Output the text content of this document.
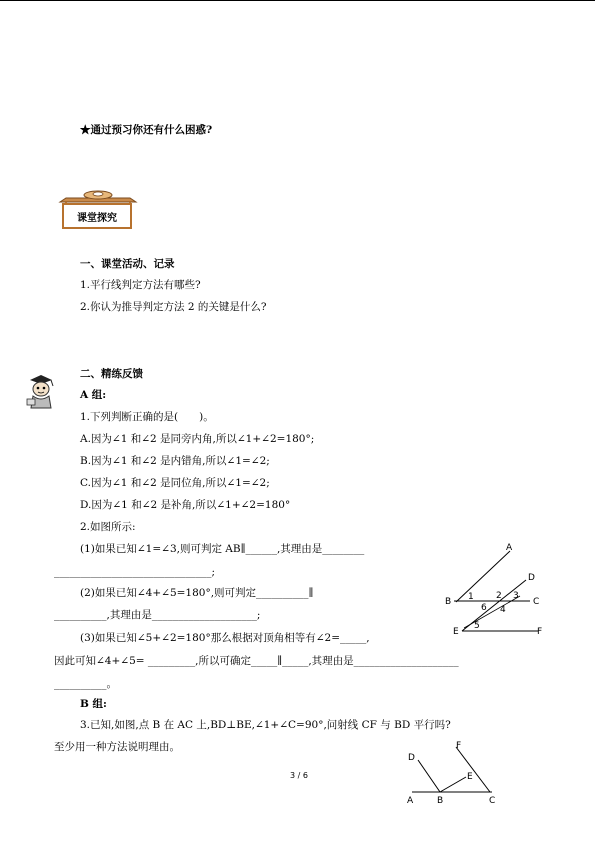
★通过预习你还有什么困惑?
课堂探究
一、课堂活动、记录
1.平行线判定方法有哪些?
2.你认为推导判定方法 2 的关键是什么?
二、精练反馈
A 组:
1.下列判断正确的是(　　)。
A.因为∠1 和∠2 是同旁内角,所以∠1+∠2=180°;
B.因为∠1 和∠2 是内错角,所以∠1=∠2;
C.因为∠1 和∠2 是同位角,所以∠1=∠2;
D.因为∠1 和∠2 是补角,所以∠1+∠2=180°
2.如图所示:
(1)如果已知∠1=∠3,则可判定 AB∥______,其理由是________
______________________________;
(2)如果已知∠4+∠5=180°,则可判定__________∥
__________,其理由是____________________;
(3)如果已知∠5+∠2=180°那么根据对顶角相等有∠2=_____,
因此可知∠4+∠5= _________,所以可确定_____∥_____,其理由是____________________
__________。
B 组:
3.已知,如图,点 B 在 AC 上,BD⊥BE,∠1+∠C=90°,问射线 CF 与 BD 平行吗?
至少用一种方法说明理由。
A
D
B	C
E	F
1 2 3
4
5
6
D
F
E
A	B	C
3 / 6
